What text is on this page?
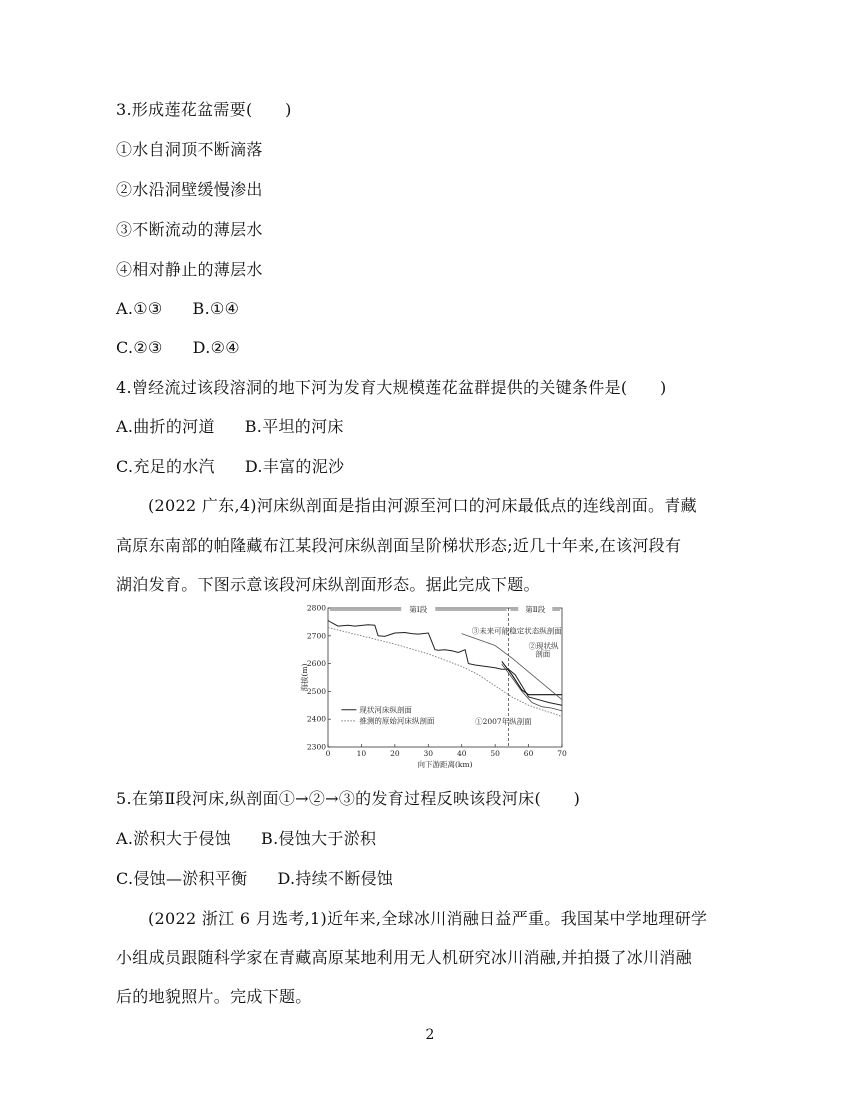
3.形成莲花盆需要(　　)
①水自洞顶不断滴落
②水沿洞壁缓慢渗出
③不断流动的薄层水
④相对静止的薄层水
A.①③ B.①④
C.②③ D.②④
4.曾经流过该段溶洞的地下河为发育大规模莲花盆群提供的关键条件是(　　)
A.曲折的河道 B.平坦的河床
C.充足的水汽 D.丰富的泥沙
(2022 广东,4)河床纵剖面是指由河源至河口的河床最低点的连线剖面。青藏
高原东南部的帕隆藏布江某段河床纵剖面呈阶梯状形态;近几十年来,在该河段有
湖泊发育。下图示意该段河床纵剖面形态。据此完成下题。
2800
2700
2600
2500
2400
2300
0	10	20	30	40	50	60	70
向下游距离(km)
海拔(m)
第Ⅰ段	第Ⅱ段
③未来可能稳定状态纵剖面
②现状纵
剖面
①2007年纵剖面
现状河床纵剖面
推测的原始河床纵剖面
5.在第Ⅱ段河床,纵剖面①→②→③的发育过程反映该段河床(　　)
A.淤积大于侵蚀 B.侵蚀大于淤积
C.侵蚀—淤积平衡 D.持续不断侵蚀
(2022 浙江 6 月选考,1)近年来,全球冰川消融日益严重。我国某中学地理研学
小组成员跟随科学家在青藏高原某地利用无人机研究冰川消融,并拍摄了冰川消融
后的地貌照片。完成下题。
2
